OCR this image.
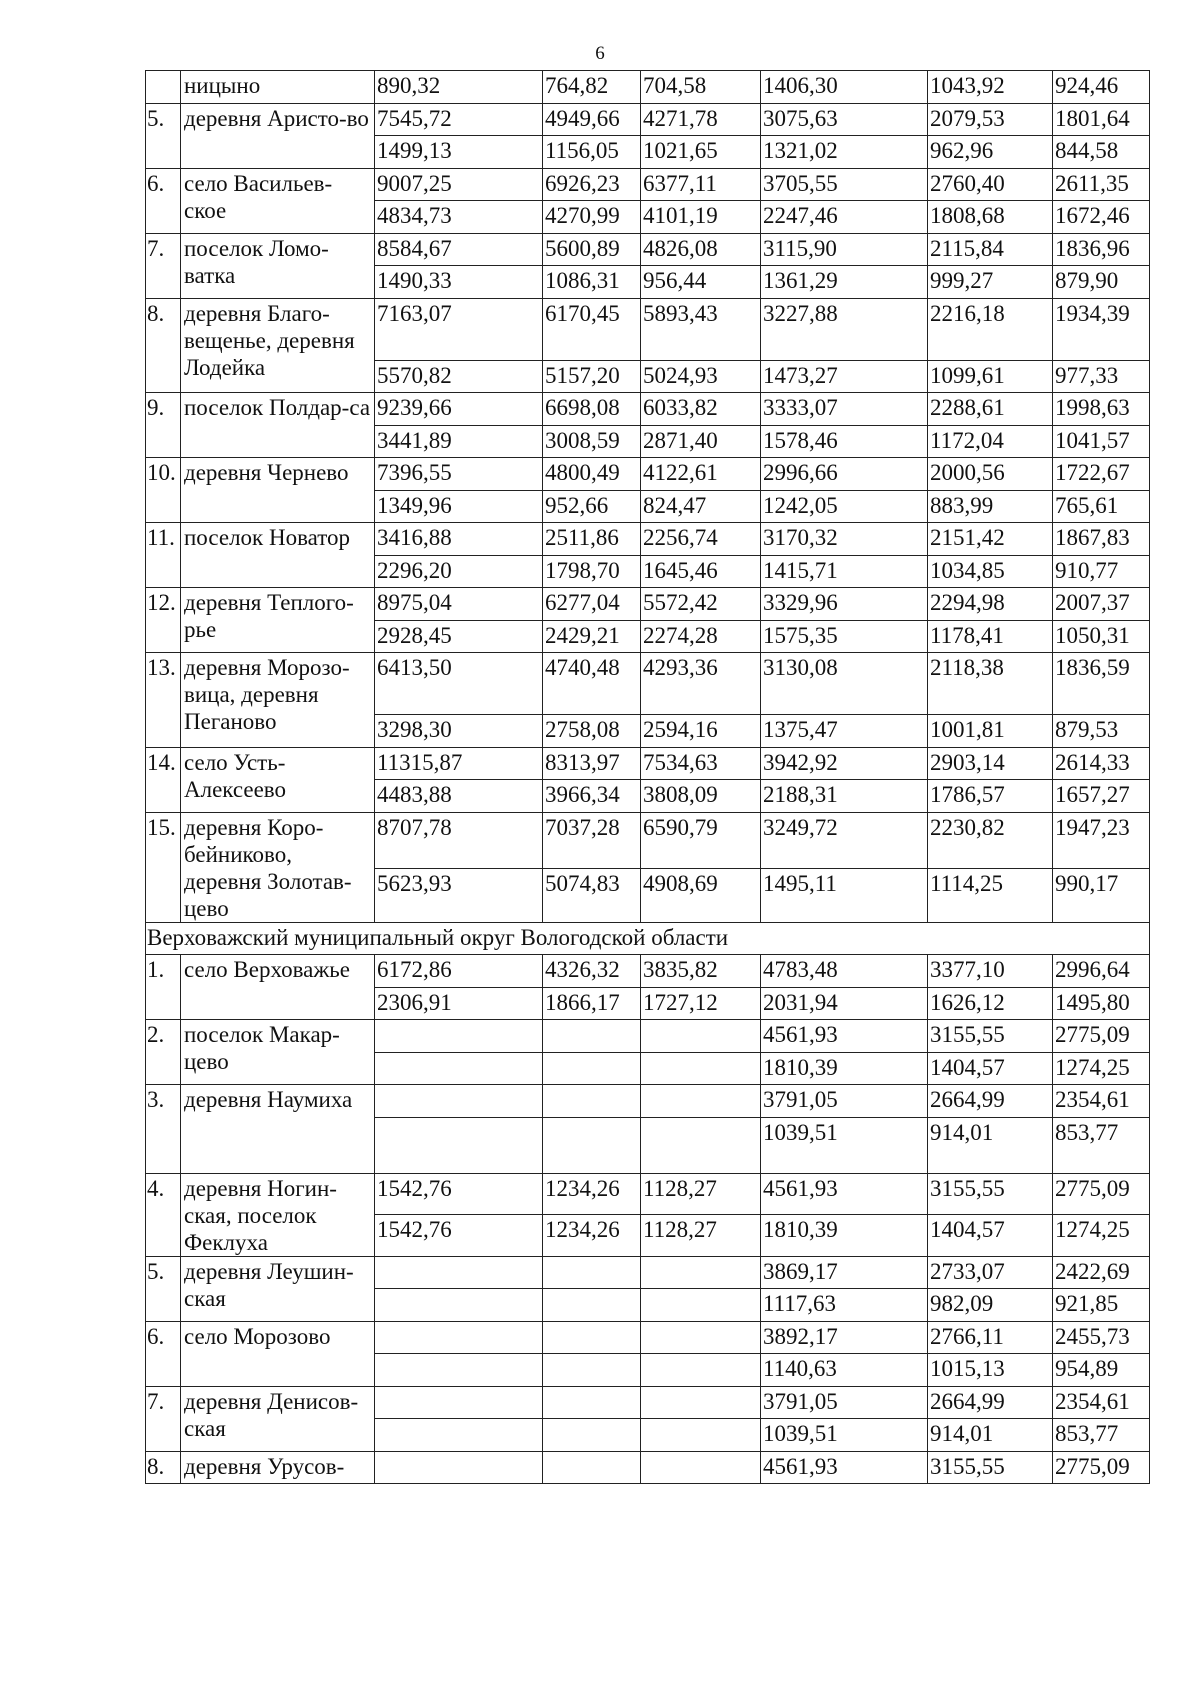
6
	ницыно	890,32	764,82	704,58	1406,30	1043,92	924,46
5.	деревня Аристо-во	7545,72	4949,66	4271,78	3075,63	2079,53	1801,64
		1499,13	1156,05	1021,65	1321,02	962,96	844,58
6.	село Васильев-ское	9007,25	6926,23	6377,11	3705,55	2760,40	2611,35
		4834,73	4270,99	4101,19	2247,46	1808,68	1672,46
7.	поселок Ломо-ватка	8584,67	5600,89	4826,08	3115,90	2115,84	1836,96
		1490,33	1086,31	956,44	1361,29	999,27	879,90
8.	деревня Благо-вещенье, деревня Лодейка	7163,07	6170,45	5893,43	3227,88	2216,18	1934,39
		5570,82	5157,20	5024,93	1473,27	1099,61	977,33
9.	поселок Полдар-са	9239,66	6698,08	6033,82	3333,07	2288,61	1998,63
		3441,89	3008,59	2871,40	1578,46	1172,04	1041,57
10.	деревня Чернево	7396,55	4800,49	4122,61	2996,66	2000,56	1722,67
		1349,96	952,66	824,47	1242,05	883,99	765,61
11.	поселок Новатор	3416,88	2511,86	2256,74	3170,32	2151,42	1867,83
		2296,20	1798,70	1645,46	1415,71	1034,85	910,77
12.	деревня Теплого-рье	8975,04	6277,04	5572,42	3329,96	2294,98	2007,37
		2928,45	2429,21	2274,28	1575,35	1178,41	1050,31
13.	деревня Морозо-вица, деревня Пеганово	6413,50	4740,48	4293,36	3130,08	2118,38	1836,59
		3298,30	2758,08	2594,16	1375,47	1001,81	879,53
14.	село Усть-Алексеево	11315,87	8313,97	7534,63	3942,92	2903,14	2614,33
		4483,88	3966,34	3808,09	2188,31	1786,57	1657,27
15.	деревня Коро-бейниково, деревня Золотав-цево	8707,78	7037,28	6590,79	3249,72	2230,82	1947,23
		5623,93	5074,83	4908,69	1495,11	1114,25	990,17
Верховажский муниципальный округ Вологодской области							
1.	село Верховажье	6172,86	4326,32	3835,82	4783,48	3377,10	2996,64
		2306,91	1866,17	1727,12	2031,94	1626,12	1495,80
2.	поселок Макар-цево				4561,93	3155,55	2775,09
					1810,39	1404,57	1274,25
3.	деревня Наумиха				3791,05	2664,99	2354,61
					1039,51	914,01	853,77
4.	деревня Ногин-ская, поселок Феклуха	1542,76	1234,26	1128,27	4561,93	3155,55	2775,09
		1542,76	1234,26	1128,27	1810,39	1404,57	1274,25
5.	деревня Леушин-ская				3869,17	2733,07	2422,69
					1117,63	982,09	921,85
6.	село Морозово				3892,17	2766,11	2455,73
					1140,63	1015,13	954,89
7.	деревня Денисов-ская				3791,05	2664,99	2354,61
					1039,51	914,01	853,77
8.	деревня Урусов-				4561,93	3155,55	2775,09
